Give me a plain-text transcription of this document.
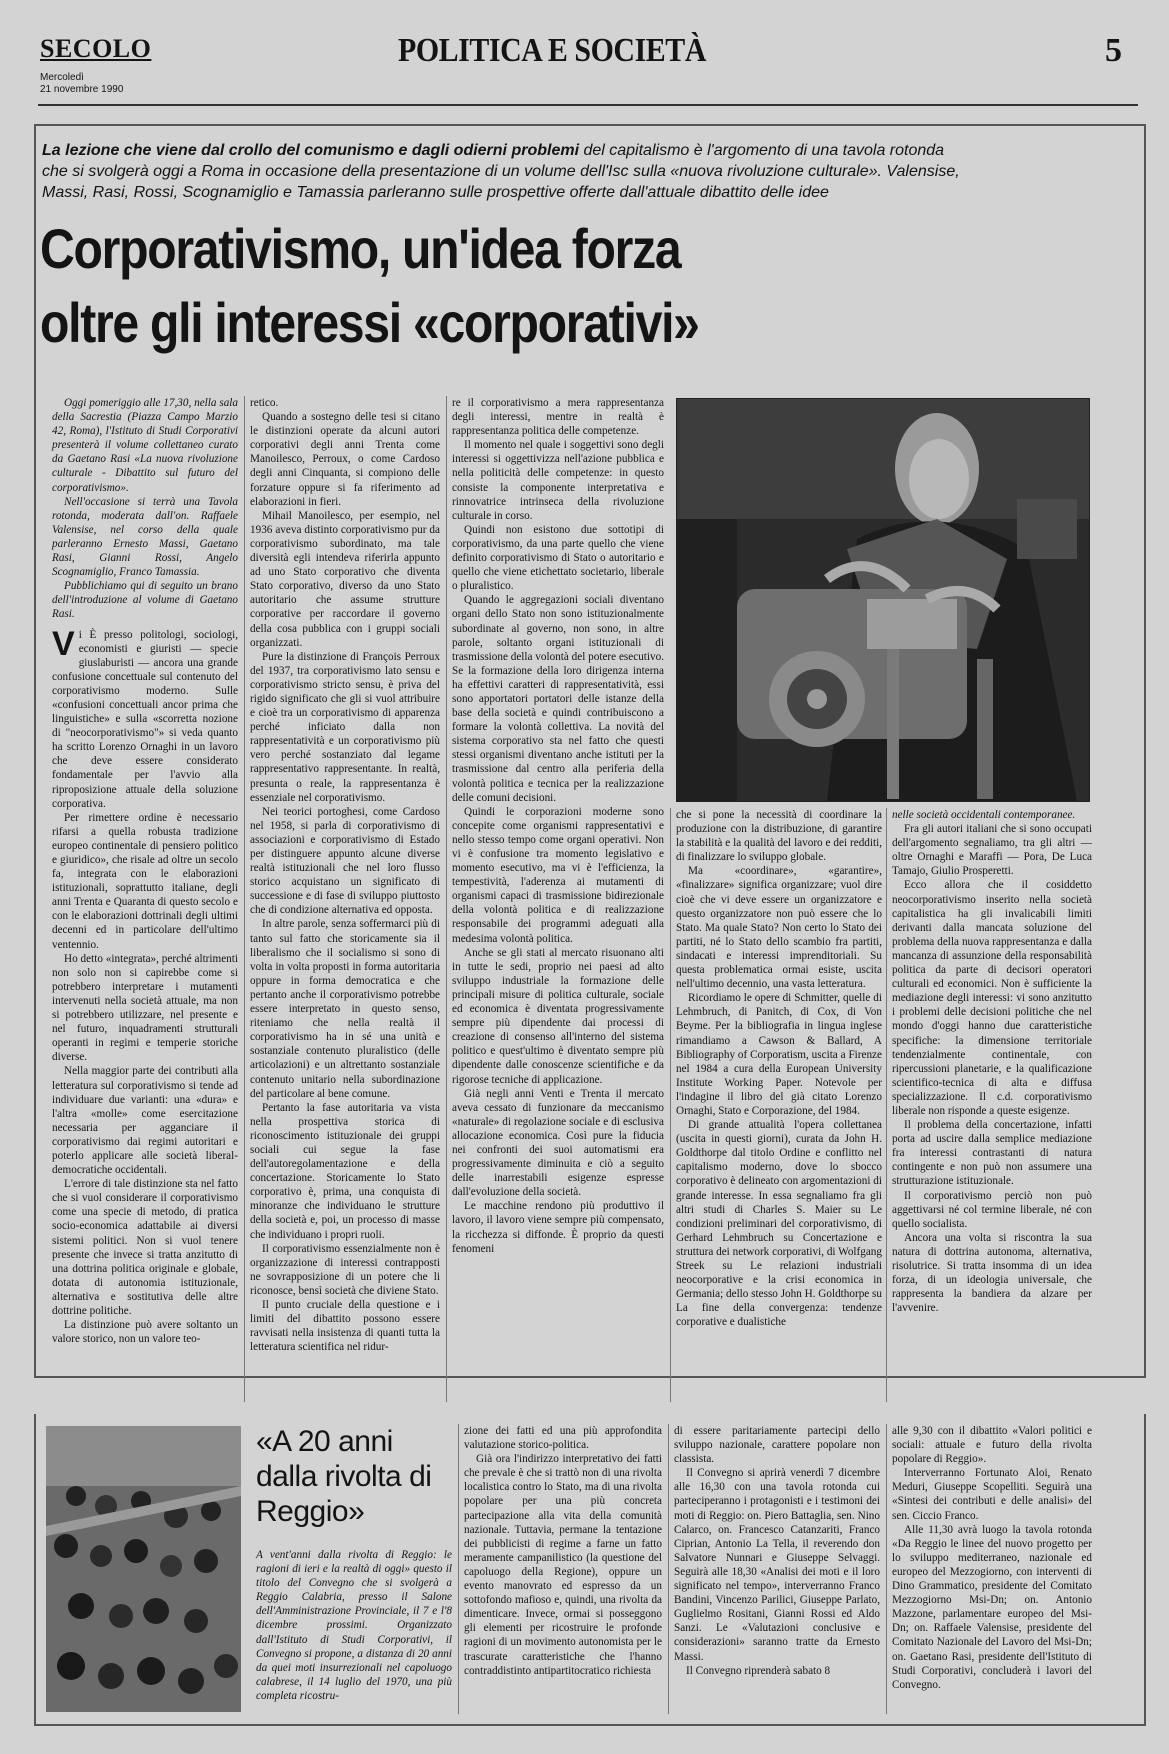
SECOLO
Mercoledì
21 novembre 1990
POLITICA E SOCIETÀ	5
La lezione che viene dal crollo del comunismo e dagli odierni problemi del capitalismo è l'argomento di una tavola rotonda che si svolgerà oggi a Roma in occasione della presentazione di un volume dell'Isc sulla «nuova rivoluzione culturale». Valensise, Massi, Rasi, Rossi, Scognamiglio e Tamassia parleranno sulle prospettive offerte dall'attuale dibattito delle idee
Corporativismo, un'idea forza
oltre gli interessi «corporativi»

Oggi pomeriggio alle 17,30, nella sala della Sacrestia (Piazza Campo Marzio 42, Roma), l'Istituto di Studi Corporativi presenterà il volume collettaneo curato da Gaetano Rasi «La nuova rivoluzione culturale - Dibattito sul futuro del corporativismo».

Nell'occasione si terrà una Tavola rotonda, moderata dall'on. Raffaele Valensise, nel corso della quale parleranno Ernesto Massi, Gaetano Rasi, Gianni Rossi, Angelo Scognamiglio, Franco Tamassia.

Pubblichiamo qui di seguito un brano dell'introduzione al volume di Gaetano Rasi.

Vi È presso politologi, sociologi, economisti e giuristi — specie giuslaburisti — ancora una grande confusione concettuale sul contenuto del corporativismo moderno. Sulle «confusioni concettuali ancor prima che linguistiche» e sulla «scorretta nozione di "neocorporativismo"» si veda quanto ha scritto Lorenzo Ornaghi in un lavoro che deve essere considerato fondamentale per l'avvio alla riproposizione attuale della soluzione corporativa.

Per rimettere ordine è necessario rifarsi a quella robusta tradizione europeo continentale di pensiero politico e giuridico», che risale ad oltre un secolo fa, integrata con le elaborazioni istituzionali, soprattutto italiane, degli anni Trenta e Quaranta di questo secolo e con le elaborazioni dottrinali degli ultimi decenni ed in particolare dell'ultimo ventennio.

Ho detto «integrata», perché altrimenti non solo non si capirebbe come si potrebbero interpretare i mutamenti intervenuti nella società attuale, ma non si potrebbero utilizzare, nel presente e nel futuro, inquadramenti strutturali operanti in regimi e temperie storiche diverse.

Nella maggior parte dei contributi alla letteratura sul corporativismo si tende ad individuare due varianti: una «dura» e l'altra «molle» come esercitazione necessaria per agganciare il corporativismo dai regimi autoritari e poterlo applicare alle società liberal-democratiche occidentali.

L'errore di tale distinzione sta nel fatto che si vuol considerare il corporativismo come una specie di metodo, di pratica socio-economica adattabile ai diversi sistemi politici. Non si vuol tenere presente che invece si tratta anzitutto di una dottrina politica originale e globale, dotata di autonomia istituzionale, alternativa e sostitutiva delle altre dottrine politiche.

La distinzione può avere soltanto un valore storico, non un valore teo-

retico.

Quando a sostegno delle tesi si citano le distinzioni operate da alcuni autori corporativi degli anni Trenta come Manoilesco, Perroux, o come Cardoso degli anni Cinquanta, si compiono delle forzature oppure si fa riferimento ad elaborazioni in fieri.

Mihail Manoilesco, per esempio, nel 1936 aveva distinto corporativismo pur da corporativismo subordinato, ma tale diversità egli intendeva riferirla appunto ad uno Stato corporativo che diventa Stato corporativo, diverso da uno Stato autoritario che assume strutture corporative per raccordare il governo della cosa pubblica con i gruppi sociali organizzati.

Pure la distinzione di François Perroux del 1937, tra corporativismo lato sensu e corporativismo stricto sensu, è priva del rigido significato che gli si vuol attribuire e cioè tra un corporativismo di apparenza perché inficiato dalla non rappresentatività e un corporativismo più vero perché sostanziato dal legame rappresentativo rappresentante. In realtà, presunta o reale, la rappresentanza è essenziale nel corporativismo.

Nei teorici portoghesi, come Cardoso nel 1958, si parla di corporativismo di associazioni e corporativismo di Estado per distinguere appunto alcune diverse realtà istituzionali che nel loro flusso storico acquistano un significato di successione e di fase di sviluppo piuttosto che di condizione alternativa ed opposta.

In altre parole, senza soffermarci più di tanto sul fatto che storicamente sia il liberalismo che il socialismo si sono di volta in volta proposti in forma autoritaria oppure in forma democratica e che pertanto anche il corporativismo potrebbe essere interpretato in questo senso, riteniamo che nella realtà il corporativismo ha in sé una unità e sostanziale contenuto pluralistico (delle articolazioni) e un altrettanto sostanziale contenuto unitario nella subordinazione del particolare al bene comune.

Pertanto la fase autoritaria va vista nella prospettiva storica di riconoscimento istituzionale dei gruppi sociali cui segue la fase dell'autoregolamentazione e della concertazione. Storicamente lo Stato corporativo è, prima, una conquista di minoranze che individuano le strutture della società e, poi, un processo di masse che individuano i propri ruoli.

Il corporativismo essenzialmente non è organizzazione di interessi contrapposti ne sovrapposizione di un potere che li riconosce, bensì società che diviene Stato.

Il punto cruciale della questione e i limiti del dibattito possono essere ravvisati nella insistenza di quanti tutta la letteratura scientifica nel ridur-

re il corporativismo a mera rappresentanza degli interessi, mentre in realtà è rappresentanza politica delle competenze.

Il momento nel quale i soggettivi sono degli interessi si oggettivizza nell'azione pubblica e nella politicità delle competenze: in questo consiste la componente interpretativa e rinnovatrice intrinseca della rivoluzione culturale in corso.

Quindi non esistono due sottotipi di corporativismo, da una parte quello che viene definito corporativismo di Stato o autoritario e quello che viene etichettato societario, liberale o pluralistico.

Quando le aggregazioni sociali diventano organi dello Stato non sono istituzionalmente subordinate al governo, non sono, in altre parole, soltanto organi istituzionali di trasmissione della volontà del potere esecutivo. Se la formazione della loro dirigenza interna ha effettivi caratteri di rappresentatività, essi sono apportatori portatori delle istanze della base della società e quindi contribuiscono a formare la volontà collettiva. La novità del sistema corporativo sta nel fatto che questi stessi organismi diventano anche istituti per la trasmissione dal centro alla periferia della volontà politica e tecnica per la realizzazione delle comuni decisioni.

Quindi le corporazioni moderne sono concepite come organismi rappresentativi e nello stesso tempo come organi operativi. Non vi è confusione tra momento legislativo e momento esecutivo, ma vi è l'efficienza, la tempestività, l'aderenza ai mutamenti di organismi capaci di trasmissione bidirezionale della volontà politica e di realizzazione responsabile dei programmi adeguati alla medesima volontà politica.

Anche se gli stati al mercato risuonano alti in tutte le sedi, proprio nei paesi ad alto sviluppo industriale la formazione delle principali misure di politica culturale, sociale ed economica è diventata progressivamente sempre più dipendente dai processi di creazione di consenso all'interno del sistema politico e quest'ultimo è diventato sempre più dipendente dalle conoscenze scientifiche e da rigorose tecniche di applicazione.

Già negli anni Venti e Trenta il mercato aveva cessato di funzionare da meccanismo «naturale» di regolazione sociale e di esclusiva allocazione economica. Così pure la fiducia nei confronti dei suoi automatismi era progressivamente diminuita e ciò a seguito delle inarrestabili esigenze espresse dall'evoluzione della società.

Le macchine rendono più produttivo il lavoro, il lavoro viene sempre più compensato, la ricchezza si diffonde. È proprio da questi fenomeni

che si pone la necessità di coordinare la produzione con la distribuzione, di garantire la stabilità e la qualità del lavoro e dei redditi, di finalizzare lo sviluppo globale.

Ma «coordinare», «garantire», «finalizzare» significa organizzare; vuol dire cioè che vi deve essere un organizzatore e questo organizzatore non può essere che lo Stato. Ma quale Stato? Non certo lo Stato dei partiti, né lo Stato dello scambio fra partiti, sindacati e interessi imprenditoriali. Su questa problematica ormai esiste, uscita nell'ultimo decennio, una vasta letteratura.

Ricordiamo le opere di Schmitter, quelle di Lehmbruch, di Panitch, di Cox, di Von Beyme. Per la bibliografia in lingua inglese rimandiamo a Cawson & Ballard, A Bibliography of Corporatism, uscita a Firenze nel 1984 a cura della European University Institute Working Paper. Notevole per l'indagine il libro del già citato Lorenzo Ornaghi, Stato e Corporazione, del 1984.

Di grande attualità l'opera collettanea (uscita in questi giorni), curata da John H. Goldthorpe dal titolo Ordine e conflitto nel capitalismo moderno, dove lo sbocco corporativo è delineato con argomentazioni di grande interesse. In essa segnaliamo fra gli altri studi di Charles S. Maier su Le condizioni preliminari del corporativismo, di Gerhard Lehmbruch su Concertazione e struttura dei network corporativi, di Wolfgang Streek su Le relazioni industriali neocorporative e la crisi economica in Germania; dello stesso John H. Goldthorpe su La fine della convergenza: tendenze corporative e dualistiche

nelle società occidentali contemporanee.

Fra gli autori italiani che si sono occupati dell'argomento segnaliamo, tra gli altri — oltre Ornaghi e Maraffi — Pora, De Luca Tamajo, Giulio Prosperetti.

Ecco allora che il cosiddetto neocorporativismo inserito nella società capitalistica ha gli invalicabili limiti derivanti dalla mancata soluzione del problema della nuova rappresentanza e dalla mancanza di assunzione della responsabilità politica da parte di decisori operatori culturali ed economici. Non è sufficiente la mediazione degli interessi: vi sono anzitutto i problemi delle decisioni politiche che nel mondo d'oggi hanno due caratteristiche specifiche: la dimensione territoriale tendenzialmente continentale, con ripercussioni planetarie, e la qualificazione scientifico-tecnica di alta e diffusa specializzazione. Il c.d. corporativismo liberale non risponde a queste esigenze.

Il problema della concertazione, infatti porta ad uscire dalla semplice mediazione fra interessi contrastanti di natura contingente e non può non assumere una strutturazione istituzionale.

Il corporativismo perciò non può aggettivarsi né col termine liberale, né con quello socialista.

Ancora una volta si riscontra la sua natura di dottrina autonoma, alternativa, risolutrice. Si tratta insomma di un idea forza, di un ideologia universale, che rappresenta la bandiera da alzare per l'avvenire.

«A 20 anni dalla rivolta di Reggio»

A vent'anni dalla rivolta di Reggio: le ragioni di ieri e la realtà di oggi» questo il titolo del Convegno che si svolgerà a Reggio Calabria, presso il Salone dell'Amministrazione Provinciale, il 7 e l'8 dicembre prossimi. Organizzato dall'Istituto di Studi Corporativi, il Convegno si propone, a distanza di 20 anni da quei moti insurrezionali nel capoluogo calabrese, il 14 luglio del 1970, una più completa ricostru-

zione dei fatti ed una più approfondita valutazione storico-politica.

Già ora l'indirizzo interpretativo dei fatti che prevale è che si trattò non di una rivolta localistica contro lo Stato, ma di una rivolta popolare per una più concreta partecipazione alla vita della comunità nazionale. Tuttavia, permane la tentazione dei pubblicisti di regime a farne un fatto meramente campanilistico (la questione del capoluogo della Regione), oppure un evento manovrato ed espresso da un sottofondo mafioso e, quindi, una rivolta da dimenticare. Invece, ormai si posseggono gli elementi per ricostruire le profonde ragioni di un movimento autonomista per le trascurate caratteristiche che l'hanno contraddistinto antipartitocratico richiesta

di essere paritariamente partecipi dello sviluppo nazionale, carattere popolare non classista.

Il Convegno si aprirà venerdì 7 dicembre alle 16,30 con una tavola rotonda cui parteciperanno i protagonisti e i testimoni dei moti di Reggio: on. Piero Battaglia, sen. Nino Calarco, on. Francesco Catanzariti, Franco Ciprian, Antonio La Tella, il reverendo don Salvatore Nunnari e Giuseppe Selvaggi. Seguirà alle 18,30 «Analisi dei moti e il loro significato nel tempo», interverranno Franco Bandini, Vincenzo Parilici, Giuseppe Parlato, Guglielmo Rositani, Gianni Rossi ed Aldo Sanzi. Le «Valutazioni conclusive e considerazioni» saranno tratte da Ernesto Massi.

Il Convegno riprenderà sabato 8

alle 9,30 con il dibattito «Valori politici e sociali: attuale e futuro della rivolta popolare di Reggio».

Interverranno Fortunato Aloi, Renato Meduri, Giuseppe Scopelliti. Seguirà una «Sintesi dei contributi e delle analisi» del sen. Ciccio Franco.

Alle 11,30 avrà luogo la tavola rotonda «Da Reggio le linee del nuovo progetto per lo sviluppo mediterraneo, nazionale ed europeo del Mezzogiorno, con interventi di Dino Grammatico, presidente del Comitato Mezzogiorno Msi-Dn; on. Antonio Mazzone, parlamentare europeo del Msi-Dn; on. Raffaele Valensise, presidente del Comitato Nazionale del Lavoro del Msi-Dn; on. Gaetano Rasi, presidente dell'Istituto di Studi Corporativi, concluderà i lavori del Convegno.
